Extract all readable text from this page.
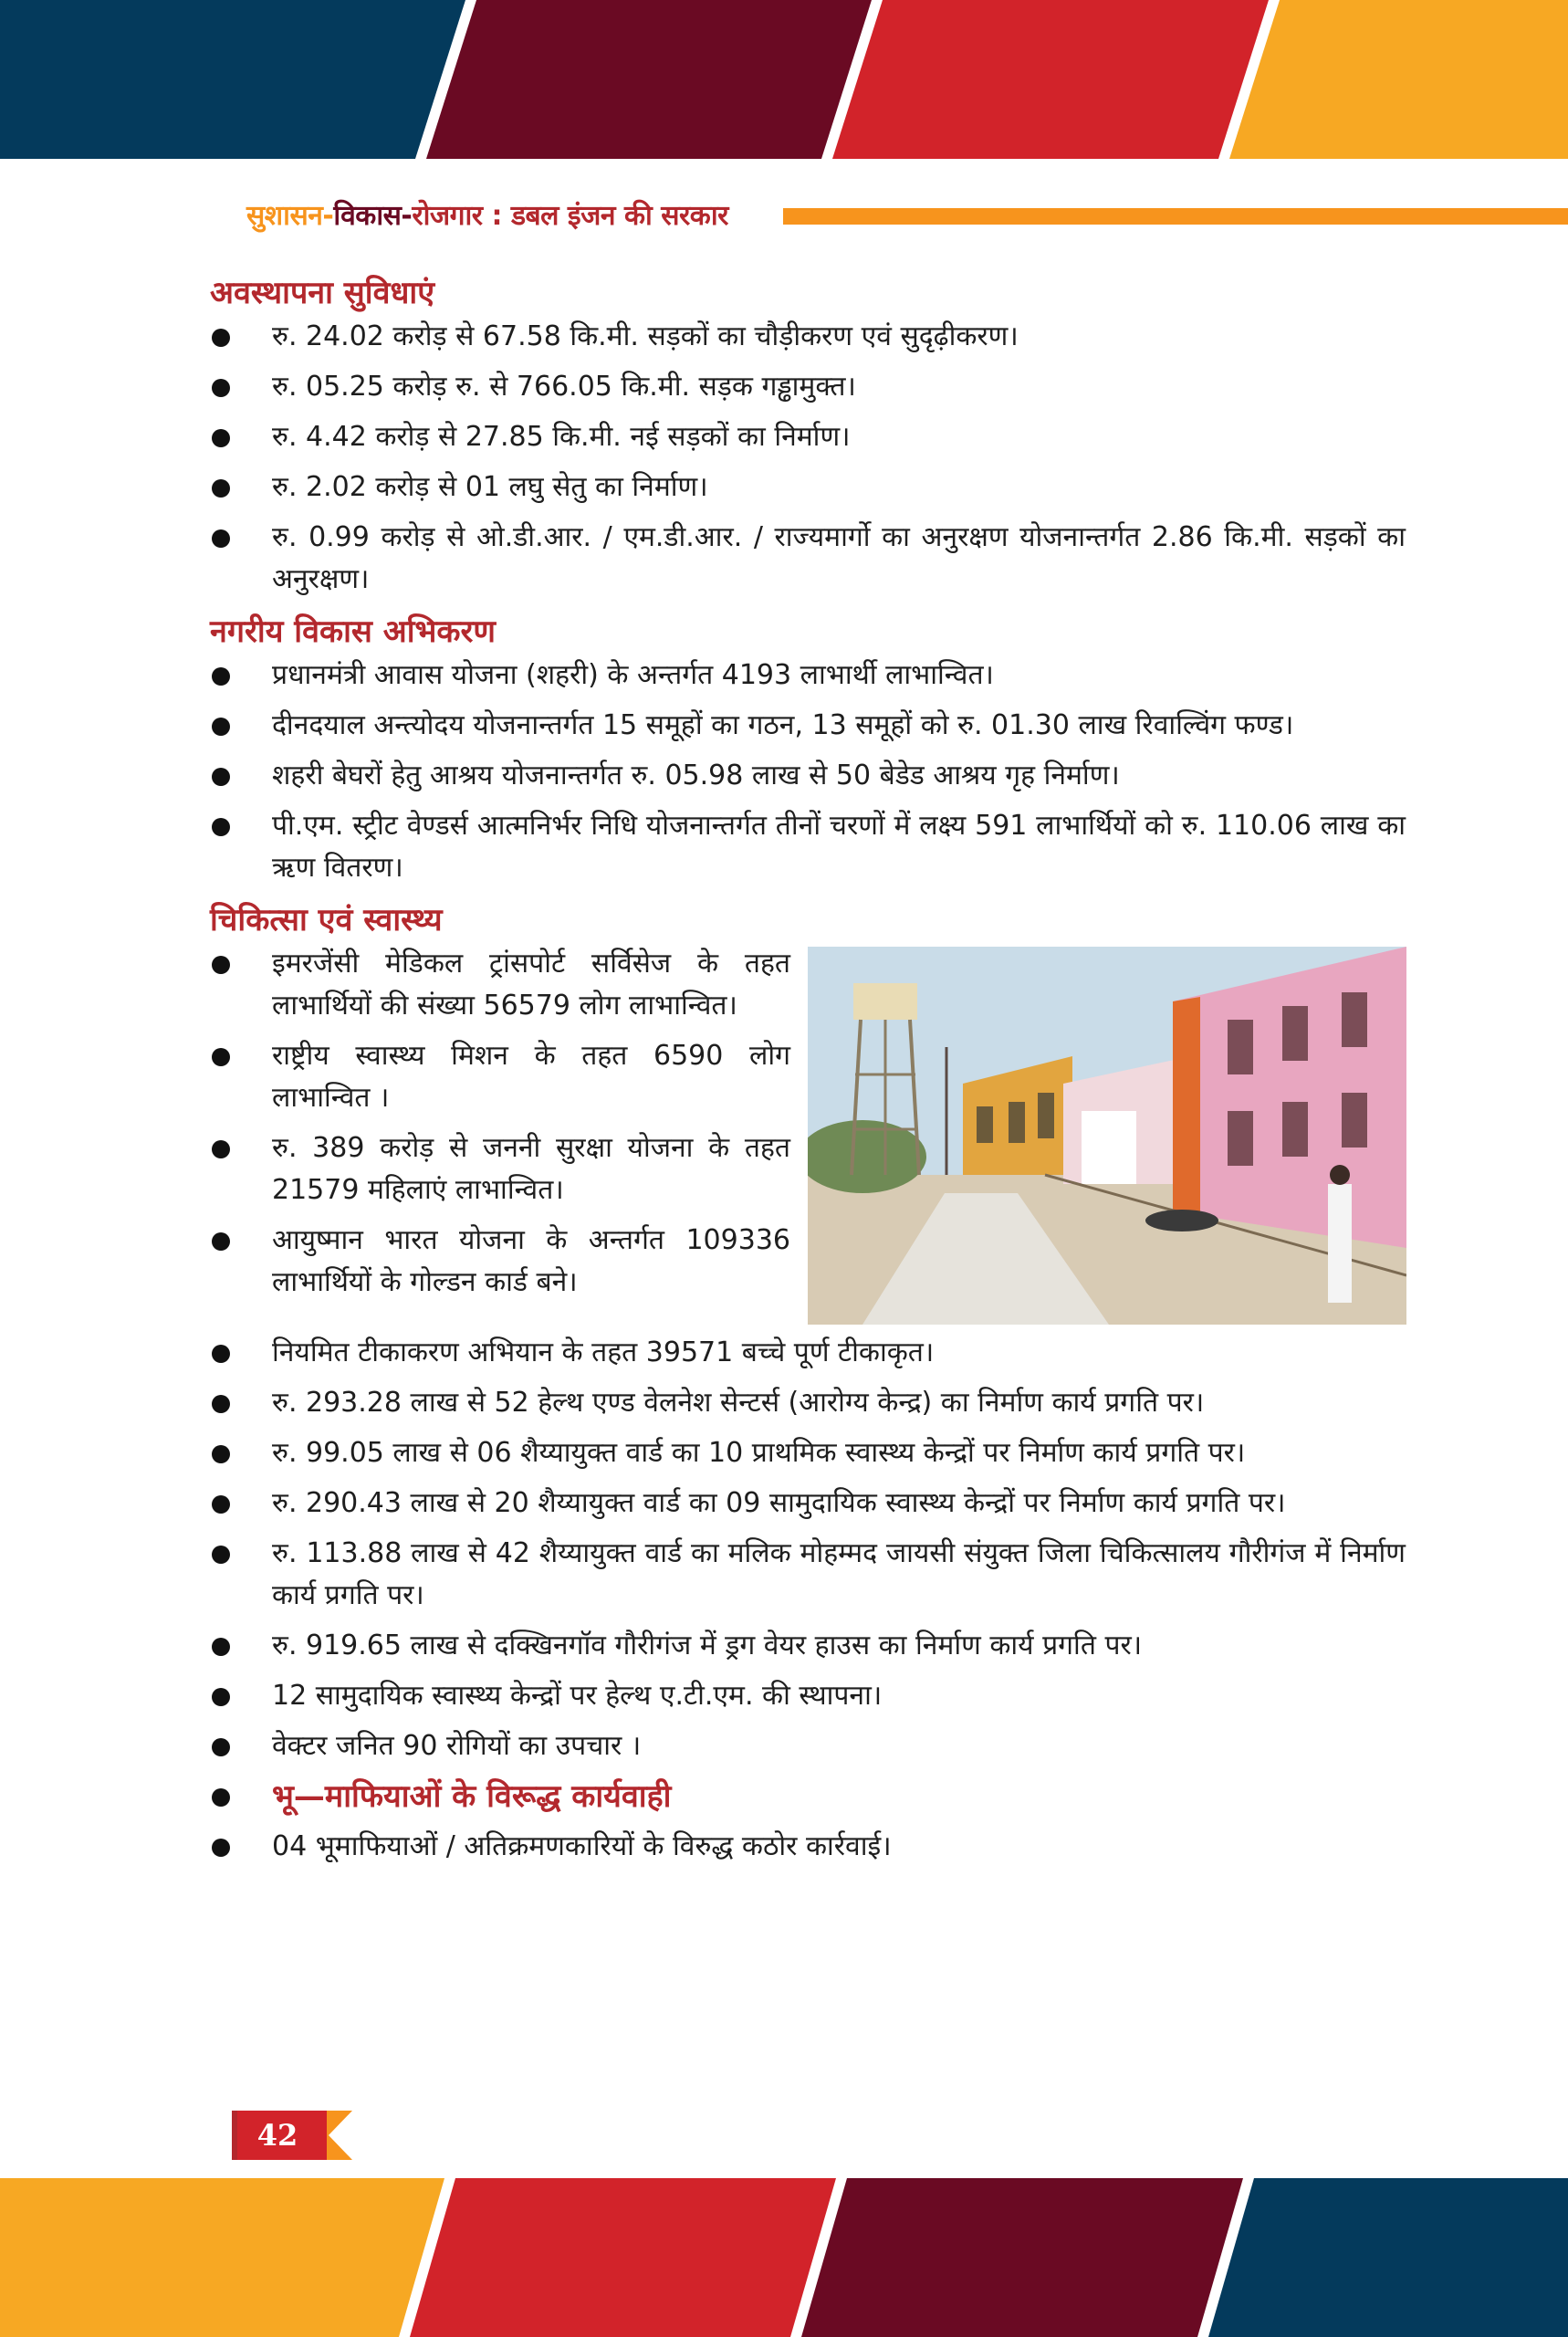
सुशासन-विकास-रोजगार : डबल इंजन की सरकार
अवस्थापना सुविधाएं
रु. 24.02 करोड़ से 67.58 कि.मी. सड़कों का चौड़ीकरण एवं सुदृढ़ीकरण।
रु. 05.25 करोड़ रु. से 766.05 कि.मी. सड़क गड्ढामुक्त।
रु. 4.42 करोड़ से 27.85 कि.मी. नई सड़कों का निर्माण।
रु. 2.02 करोड़ से 01 लघु सेतु का निर्माण।
रु. 0.99 करोड़ से ओ.डी.आर. / एम.डी.आर. / राज्यमार्गो का अनुरक्षण योजनान्तर्गत 2.86 कि.मी. सड़कों का अनुरक्षण।
नगरीय विकास अभिकरण
प्रधानमंत्री आवास योजना (शहरी) के अन्तर्गत 4193 लाभार्थी लाभान्वित।
दीनदयाल अन्त्योदय योजनान्तर्गत 15 समूहों का गठन, 13 समूहों को रु. 01.30 लाख रिवाल्विंग फण्ड।
शहरी बेघरों हेतु आश्रय योजनान्तर्गत रु. 05.98 लाख से 50 बेडेड आश्रय गृह निर्माण।
पी.एम. स्ट्रीट वेण्डर्स आत्मनिर्भर निधि योजनान्तर्गत तीनों चरणों में लक्ष्य 591 लाभार्थियों को रु. 110.06 लाख का ऋण वितरण।
चिकित्सा एवं स्वास्थ्य
इमरजेंसी मेडिकल ट्रांसपोर्ट सर्विसेज के तहत लाभार्थियों की संख्या 56579 लोग लाभान्वित।
राष्ट्रीय स्वास्थ्य मिशन के तहत 6590 लोग लाभान्वित ।
रु. 389 करोड़ से जननी सुरक्षा योजना के तहत 21579 महिलाएं लाभान्वित।
आयुष्मान भारत योजना के अन्तर्गत 109336 लाभार्थियों के गोल्डन कार्ड बने।
नियमित टीकाकरण अभियान के तहत 39571 बच्चे पूर्ण टीकाकृत।
रु. 293.28 लाख से 52 हेल्थ एण्ड वेलनेश सेन्टर्स (आरोग्य केन्द्र) का निर्माण कार्य प्रगति पर।
रु. 99.05 लाख से 06 शैय्यायुक्त वार्ड का 10 प्राथमिक स्वास्थ्य केन्द्रों पर निर्माण कार्य प्रगति पर।
रु. 290.43 लाख से 20 शैय्यायुक्त वार्ड का 09 सामुदायिक स्वास्थ्य केन्द्रों पर निर्माण कार्य प्रगति पर।
रु. 113.88 लाख से 42 शैय्यायुक्त वार्ड का मलिक मोहम्मद जायसी संयुक्त जिला चिकित्सालय गौरीगंज में निर्माण कार्य प्रगति पर।
रु. 919.65 लाख से दक्खिनगॉव गौरीगंज में ड्रग वेयर हाउस का निर्माण कार्य प्रगति पर।
12 सामुदायिक स्वास्थ्य केन्द्रों पर हेल्थ ए.टी.एम. की स्थापना।
वेक्टर जनित 90 रोगियों का उपचार ।
भू—माफियाओं के विरूद्ध कार्यवाही
04 भूमाफियाओं / अतिक्रमणकारियों के विरुद्ध कठोर कार्रवाई।
42
